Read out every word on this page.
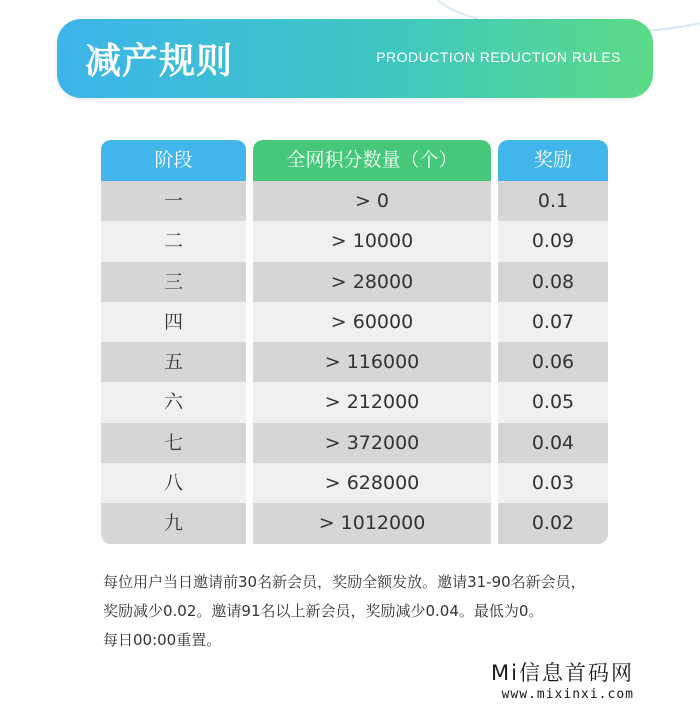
减产规则	PRODUCTION REDUCTION RULES
阶段	全网积分数量（个）	奖励
一	> 0	0.1
二	> 10000	0.09
三	> 28000	0.08
四	> 60000	0.07
五	> 116000	0.06
六	> 212000	0.05
七	> 372000	0.04
八	> 628000	0.03
九	> 1012000	0.02
每位用户当日邀请前30名新会员，奖励全额发放。邀请31-90名新会员，
奖励减少0.02。邀请91名以上新会员，奖励减少0.04。最低为0。
每日00:00重置。
Mi信息首码网
www.mixinxi.com
